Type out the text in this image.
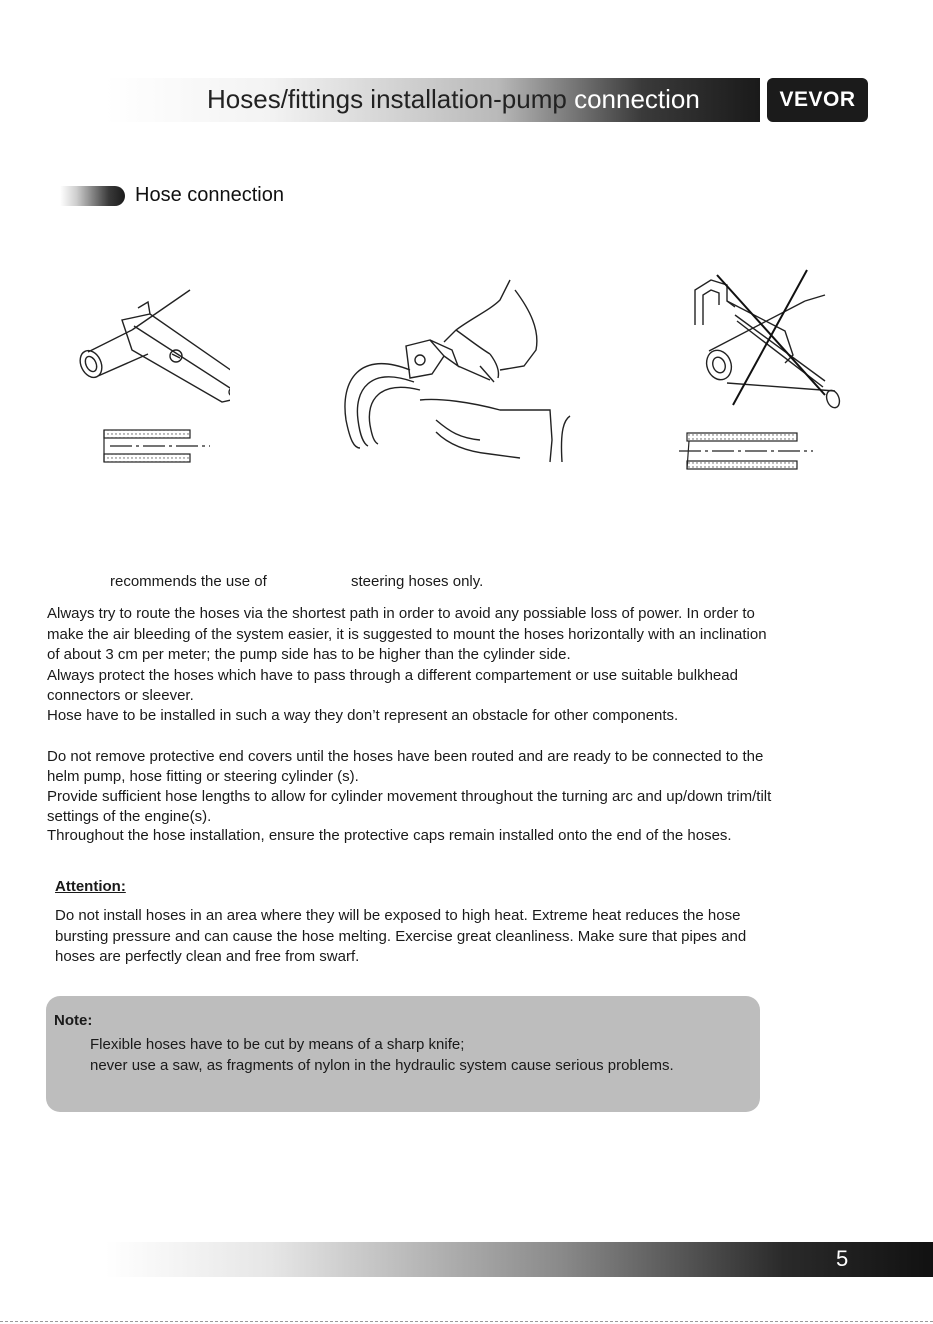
Hoses/fittings installation-pump connection	VEVOR
Hose connection
recommends the use of	steering hoses only.
Always try to route the hoses via the shortest path in order to avoid any possiable loss of power. In order to
make the air bleeding of the system easier, it is suggested to mount the hoses horizontally with an inclination
of about 3 cm per meter; the pump side has to be higher than the cylinder side.
Always protect the hoses which have to pass through a different compartement or use suitable bulkhead
connectors or sleever.
Hose have to be installed in such a way they don’t represent an obstacle for other components.
Do not remove protective end covers until the hoses have been routed and are ready to be connected to the
helm pump, hose fitting or steering cylinder (s).
Provide sufficient hose lengths to allow for cylinder movement throughout the turning arc and up/down trim/tilt
settings of the engine(s).
Throughout the hose installation, ensure the protective caps remain installed onto the end of the hoses.
Attention:
Do not install hoses in an area where they will be exposed to high heat. Extreme heat reduces the hose
bursting pressure and can cause the hose melting. Exercise great cleanliness. Make sure that pipes and
hoses are perfectly clean and free from swarf.
Note:
Flexible hoses have to be cut by means of a sharp knife;
never use a saw, as fragments of nylon in the hydraulic system cause serious problems.
5
